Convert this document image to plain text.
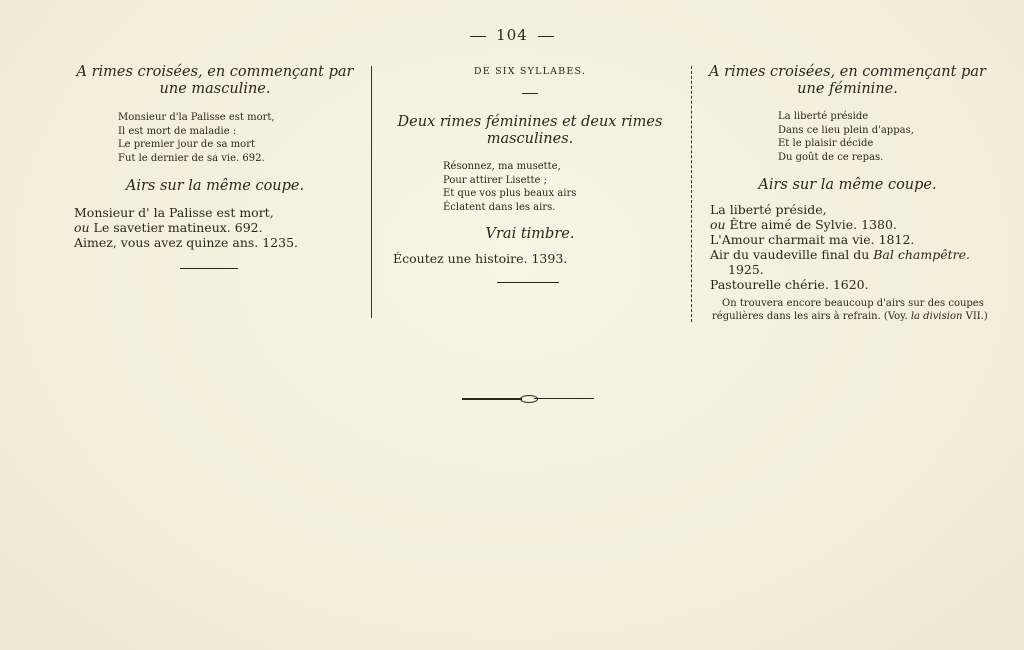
104

A rimes croisées, en commençant par

une masculine.

Monsieur d'la Palisse est mort,
Il est mort de maladie :
Le premier jour de sa mort
Fut le dernier de sa vie. 692.

Airs sur la même coupe.

Monsieur d' la Palisse est mort,
ou Le savetier matineux. 692.
Aimez, vous avez quinze ans. 1235.

DE SIX SYLLABES.

Deux rimes féminines et deux rimes

masculines.

Résonnez, ma musette,
Pour attirer Lisette ;
Et que vos plus beaux airs
Éclatent dans les airs.

Vrai timbre.

Écoutez une histoire. 1393.

A rimes croisées, en commençant par

une féminine.

La liberté préside
Dans ce lieu plein d'appas,
Et le plaisir décide
Du goût de ce repas.

Airs sur la même coupe.

La liberté préside,
ou Être aimé de Sylvie. 1380.
L'Amour charmait ma vie. 1812.
Air du vaudeville final du Bal champêtre.
1925.
Pastourelle chérie. 1620.

On trouvera encore beaucoup d'airs sur des coupes

régulières dans les airs à refrain. (Voy. la division VII.)
